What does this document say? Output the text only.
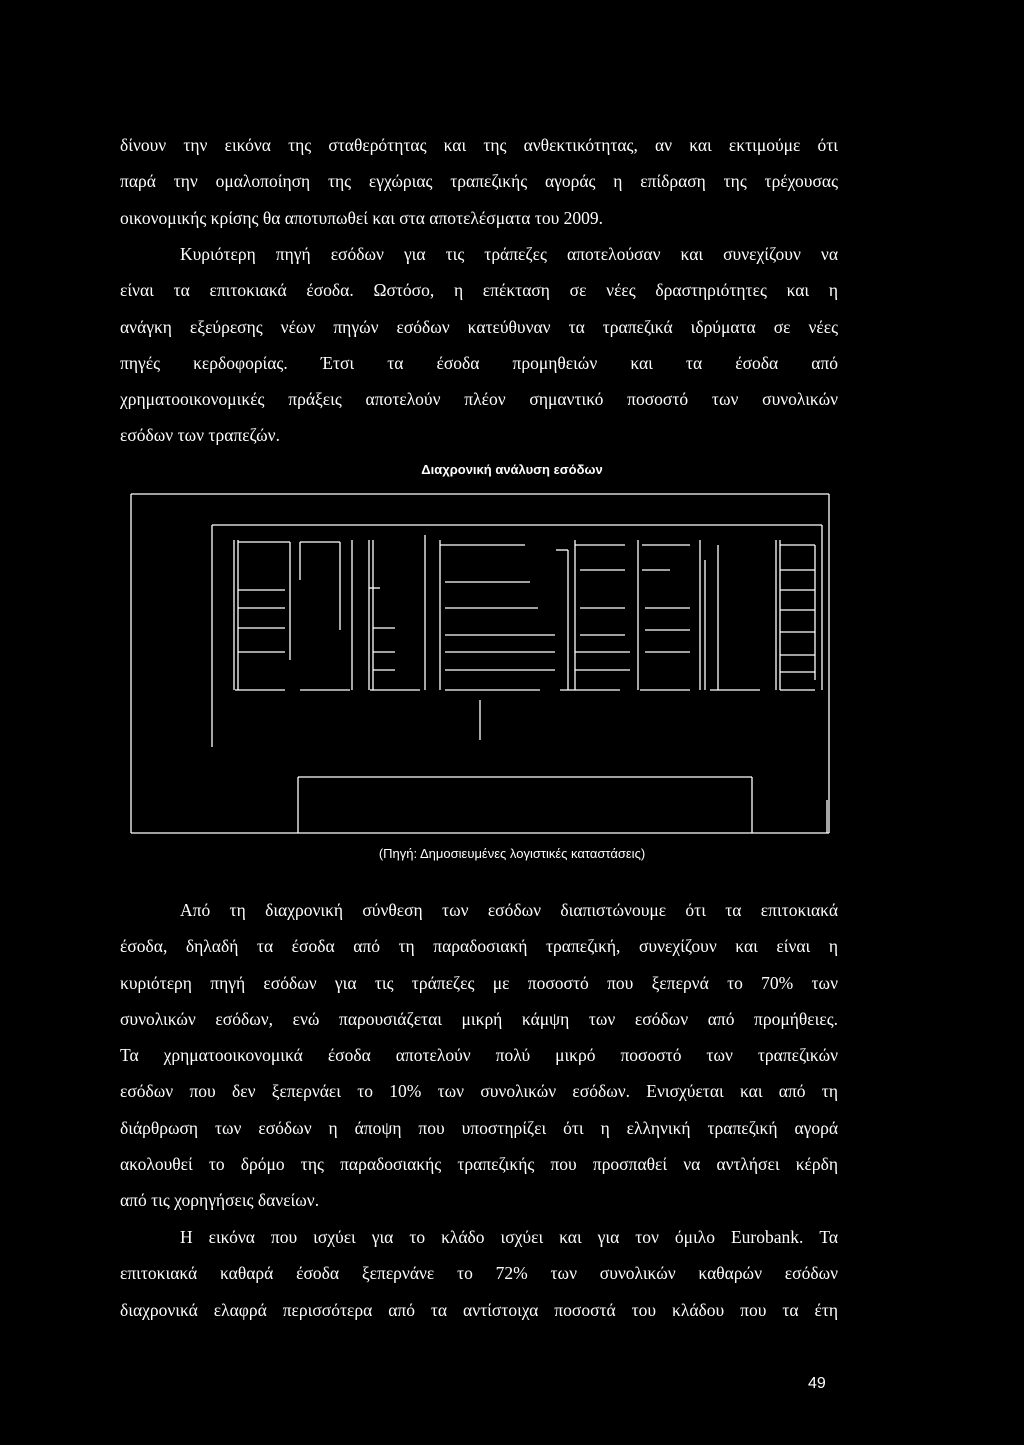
δίνουν την εικόνα της σταθερότητας και της ανθεκτικότητας, αν και εκτιμούμε ότι
παρά την ομαλοποίηση της εγχώριας τραπεζικής αγοράς η επίδραση της τρέχουσας
οικονομικής κρίσης θα αποτυπωθεί και στα αποτελέσματα του 2009.

Κυριότερη πηγή εσόδων για τις τράπεζες αποτελούσαν και συνεχίζουν να
είναι τα επιτοκιακά έσοδα. Ωστόσο, η επέκταση σε νέες δραστηριότητες και η
ανάγκη εξεύρεσης νέων πηγών εσόδων κατεύθυναν τα τραπεζικά ιδρύματα σε νέες
πηγές κερδοφορίας. Έτσι τα έσοδα προμηθειών και τα έσοδα από
χρηματοοικονομικές πράξεις αποτελούν πλέον σημαντικό ποσοστό των συνολικών
εσόδων των τραπεζών.

Διαχρονική ανάλυση εσόδων
(Πηγή: Δημοσιευμένες λογιστικές καταστάσεις)

Από τη διαχρονική σύνθεση των εσόδων διαπιστώνουμε ότι τα επιτοκιακά
έσοδα, δηλαδή τα έσοδα από τη παραδοσιακή τραπεζική, συνεχίζουν και είναι η
κυριότερη πηγή εσόδων για τις τράπεζες με ποσοστό που ξεπερνά το 70% των
συνολικών εσόδων, ενώ παρουσιάζεται μικρή κάμψη των εσόδων από προμήθειες.
Τα χρηματοοικονομικά έσοδα αποτελούν πολύ μικρό ποσοστό των τραπεζικών
εσόδων που δεν ξεπερνάει το 10% των συνολικών εσόδων. Ενισχύεται και από τη
διάρθρωση των εσόδων η άποψη που υποστηρίζει ότι η ελληνική τραπεζική αγορά
ακολουθεί το δρόμο της παραδοσιακής τραπεζικής που προσπαθεί να αντλήσει κέρδη
από τις χορηγήσεις δανείων.

Η εικόνα που ισχύει για το κλάδο ισχύει και για τον όμιλο Eurobank. Τα
επιτοκιακά καθαρά έσοδα ξεπερνάνε το 72% των συνολικών καθαρών εσόδων
διαχρονικά ελαφρά περισσότερα από τα αντίστοιχα ποσοστά του κλάδου που τα έτη

49
